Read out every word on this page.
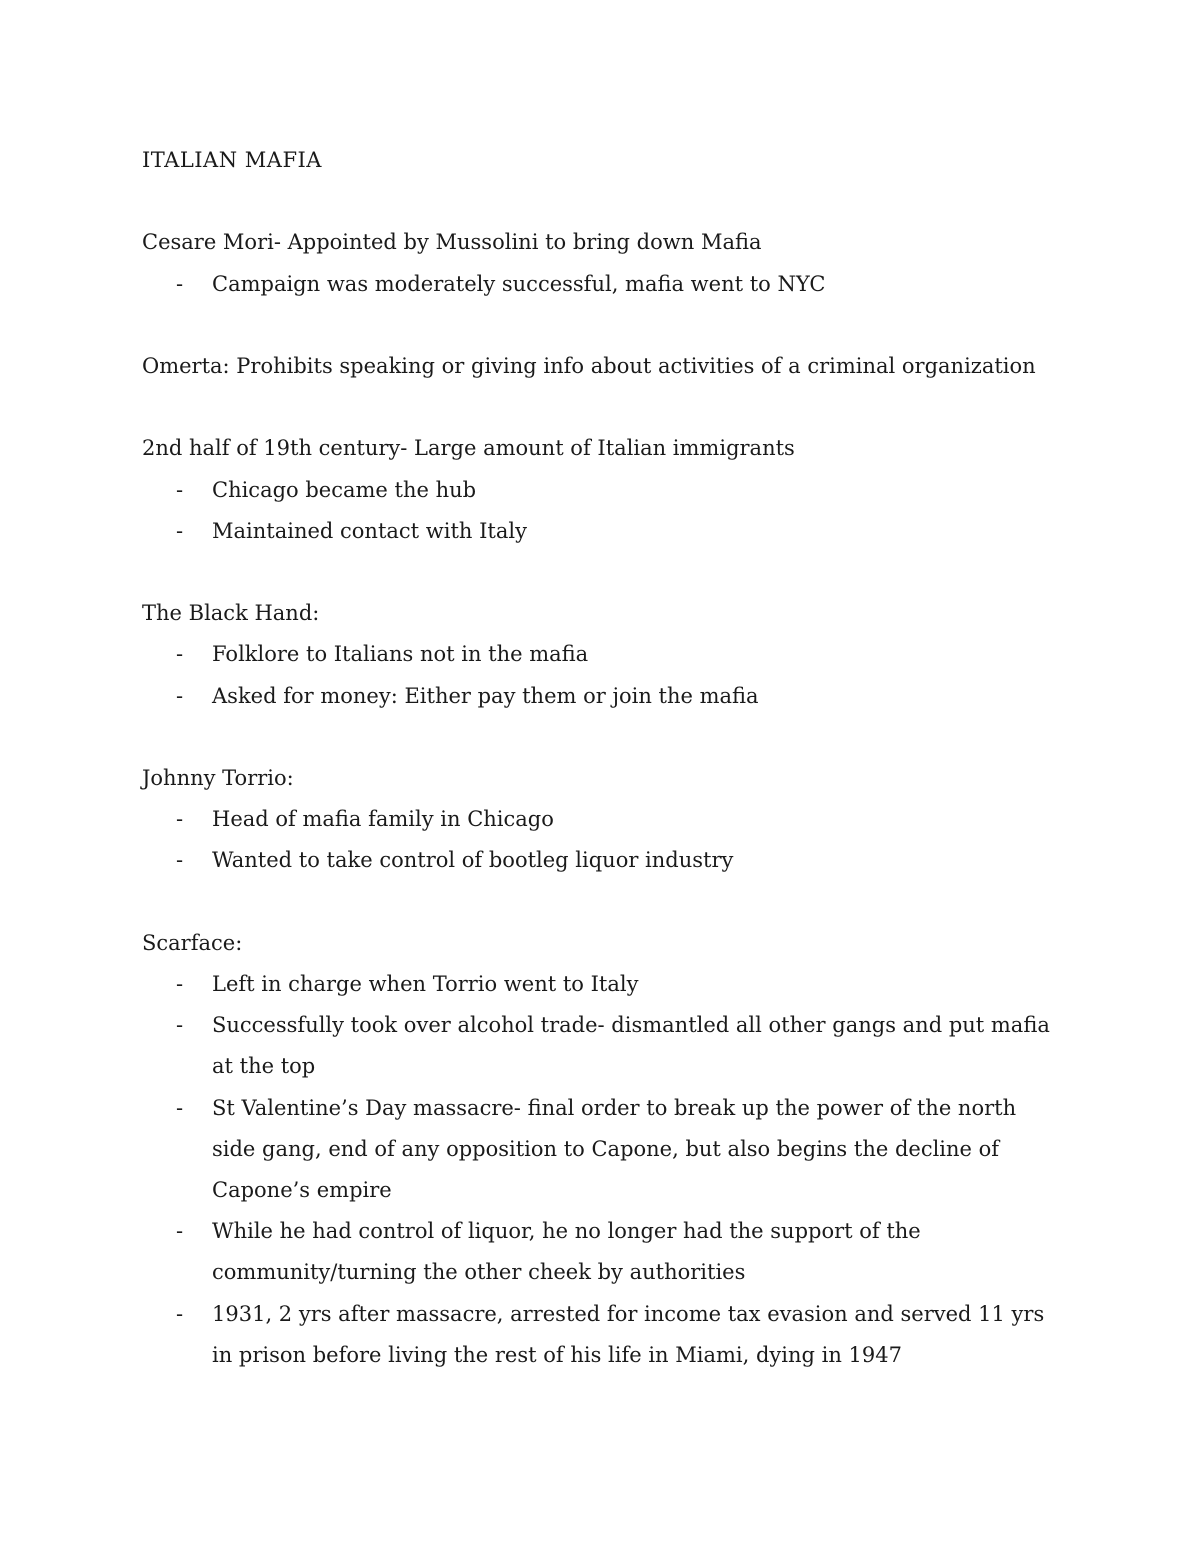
ITALIAN MAFIA

Cesare Mori- Appointed by Mussolini to bring down Mafia

- Campaign was moderately successful, mafia went to NYC

Omerta: Prohibits speaking or giving info about activities of a criminal organization

2nd half of 19th century- Large amount of Italian immigrants

- Chicago became the hub
- Maintained contact with Italy

The Black Hand:

- Folklore to Italians not in the mafia
- Asked for money: Either pay them or join the mafia

Johnny Torrio:

- Head of mafia family in Chicago
- Wanted to take control of bootleg liquor industry

Scarface:

- Left in charge when Torrio went to Italy
- Successfully took over alcohol trade- dismantled all other gangs and put mafia at the top
- St Valentine’s Day massacre- final order to break up the power of the north side gang, end of any opposition to Capone, but also begins the decline of Capone’s empire
- While he had control of liquor, he no longer had the support of the community/turning the other cheek by authorities
- 1931, 2 yrs after massacre, arrested for income tax evasion and served 11 yrs in prison before living the rest of his life in Miami, dying in 1947
